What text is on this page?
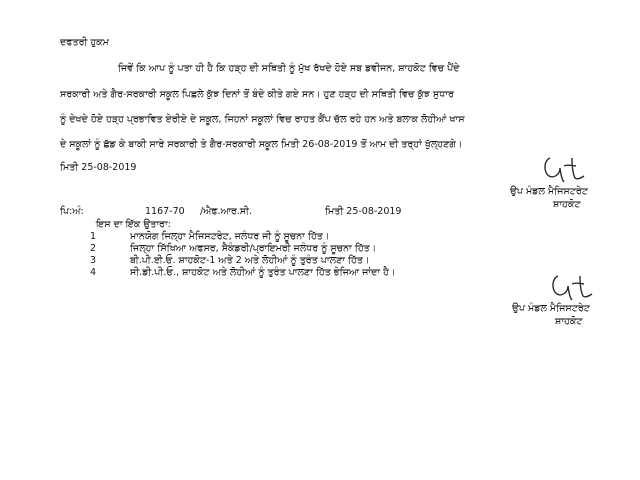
ਦਫਤਰੀ ਹੁਕਮ
ਜਿਵੇਂ ਕਿ ਆਪ ਨੂੰ ਪਤਾ ਹੀ ਹੈ ਕਿ ਹੜ੍ਹ ਦੀ ਸਥਿਤੀ ਨੂੰ ਮੁੱਖ ਰੱਖਦੇ ਹੋਏ ਸਬ ਡਵੀਜਨ, ਸ਼ਾਹਕੋਟ ਵਿਚ ਪੈਂਦੇ
ਸਰਕਾਰੀ ਅਤੇ ਗੈਰ-ਸਰਕਾਰੀ ਸਕੂਲ ਪਿਛਲੇ ਕੁੱਝ ਦਿਨਾਂ ਤੋਂ ਬੰਦੇ ਕੀਤੇ ਗਏ ਸਨ। ਹੁਣ ਹੜ੍ਹ ਦੀ ਸਥਿਤੀ ਵਿਚ ਕੁੱਝ ਸੁਧਾਰ
ਨੂੰ ਦੇਖਦੇ ਹੋਏ ਹੜ੍ਹ ਪ੍ਰਭਾਵਿਤ ਏਰੀਏ ਦੇ ਸਕੂਲ, ਜਿਹਨਾਂ ਸਕੂਲਾਂ ਵਿਚ ਰਾਹਤ ਕੈਂਪ ਚੱਲ ਰਹੇ ਹਨ ਅਤੇ ਬਲਾਕ ਲੋਹੀਆਂ ਖਾਸ
ਦੇ ਸਕੂਲਾਂ ਨੂੰ ਛੱਡ ਕੇ ਬਾਕੀ ਸਾਰੇ ਸਰਕਾਰੀ ਤੇ ਗੈਰ-ਸਰਕਾਰੀ ਸਕੂਲ ਮਿਤੀ 26-08-2019 ਤੋਂ ਆਮ ਦੀ ਤਰ੍ਹਾਂ ਖੁੱਲ੍ਹਣਗੇ।
ਮਿਤੀ 25-08-2019
ਉਪ ਮੰਡਲ ਮੈਜਿਸਟਰੇਟ
ਸ਼ਾਹਕੋਟ
ਪਿ:ਅੰ:	1167-70 /ਐਫ.ਆਰ.ਸੀ.	ਮਿਤੀ 25-08-2019
ਇਸ ਦਾ ਇੱਕ ਉਤਾਰਾ:
1	ਮਾਨਯੋਗ ਜਿਲ੍ਹਾ ਮੈਜਿਸਟਰੇਟ, ਜਲੰਧਰ ਜੀ ਨੂੰ ਸੂਚਨਾ ਹਿੱਤ।
2	ਜਿਲ੍ਹਾ ਸਿੱਖਿਆ ਅਫਸਰ, ਸੈਕੰਡਰੀ/ਪ੍ਰਾਇਮਰੀ ਜਲੰਧਰ ਨੂੰ ਸੂਚਨਾ ਹਿੱਤ।
3	ਬੀ.ਪੀ.ਈ.ਓ. ਸ਼ਾਹਕੋਟ-1 ਅਤੇ 2 ਅਤੇ ਲੋਹੀਆਂ ਨੂੰ ਤੁਰੰਤ ਪਾਲਣਾ ਹਿੱਤ।
4	ਸੀ.ਡੀ.ਪੀ.ਓ., ਸ਼ਾਹਕੋਟ ਅਤੇ ਲੋਹੀਆਂ ਨੂੰ ਤੁਰੰਤ ਪਾਲਣਾ ਹਿੱਤ ਭੇਜਿਆ ਜਾਂਦਾ ਹੈ।
ਉਪ ਮੰਡਲ ਮੈਜਿਸਟਰੇਟ
ਸ਼ਾਹਕੋਟ
